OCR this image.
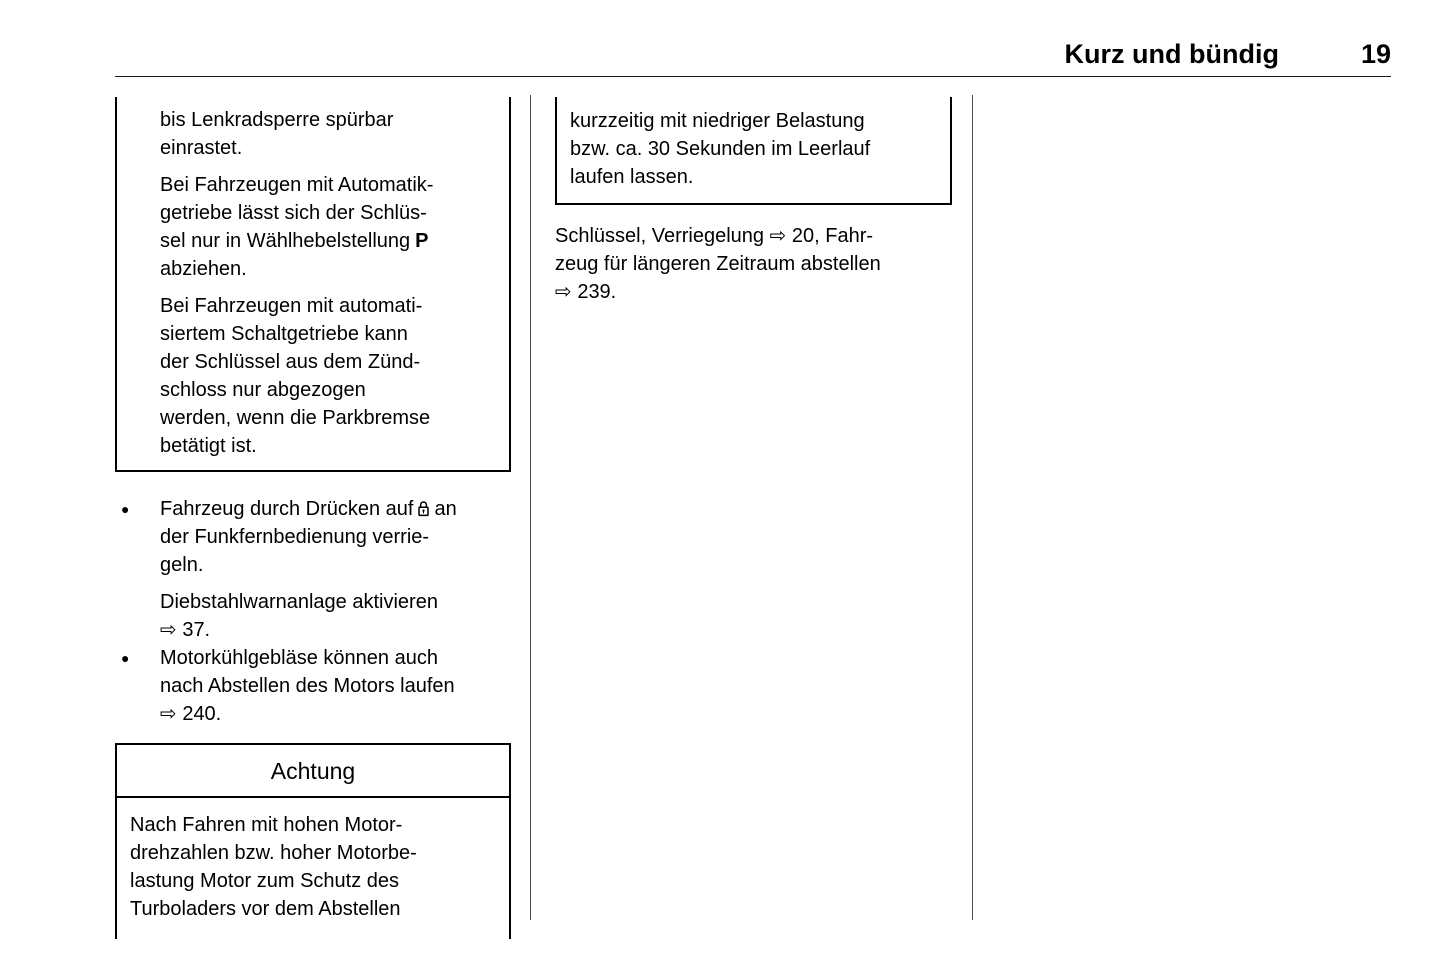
Kurz und bündig	19
bis Lenkradsperre spürbar
einrastet.
Bei Fahrzeugen mit Automatik-
getriebe lässt sich der Schlüs-
sel nur in Wählhebelstellung P
abziehen.
Bei Fahrzeugen mit automati-
siertem Schaltgetriebe kann
der Schlüssel aus dem Zünd-
schloss nur abgezogen
werden, wenn die Parkbremse
betätigt ist.
● Fahrzeug durch Drücken auf an
der Funkfernbedienung verrie-
geln.
Diebstahlwarnanlage aktivieren
⇨ 37.
● Motorkühlgebläse können auch
nach Abstellen des Motors laufen
⇨ 240.
Achtung
Nach Fahren mit hohen Motor-
drehzahlen bzw. hoher Motorbe-
lastung Motor zum Schutz des
Turboladers vor dem Abstellen
kurzzeitig mit niedriger Belastung
bzw. ca. 30 Sekunden im Leerlauf
laufen lassen.
Schlüssel, Verriegelung ⇨ 20, Fahr-
zeug für längeren Zeitraum abstellen
⇨ 239.
